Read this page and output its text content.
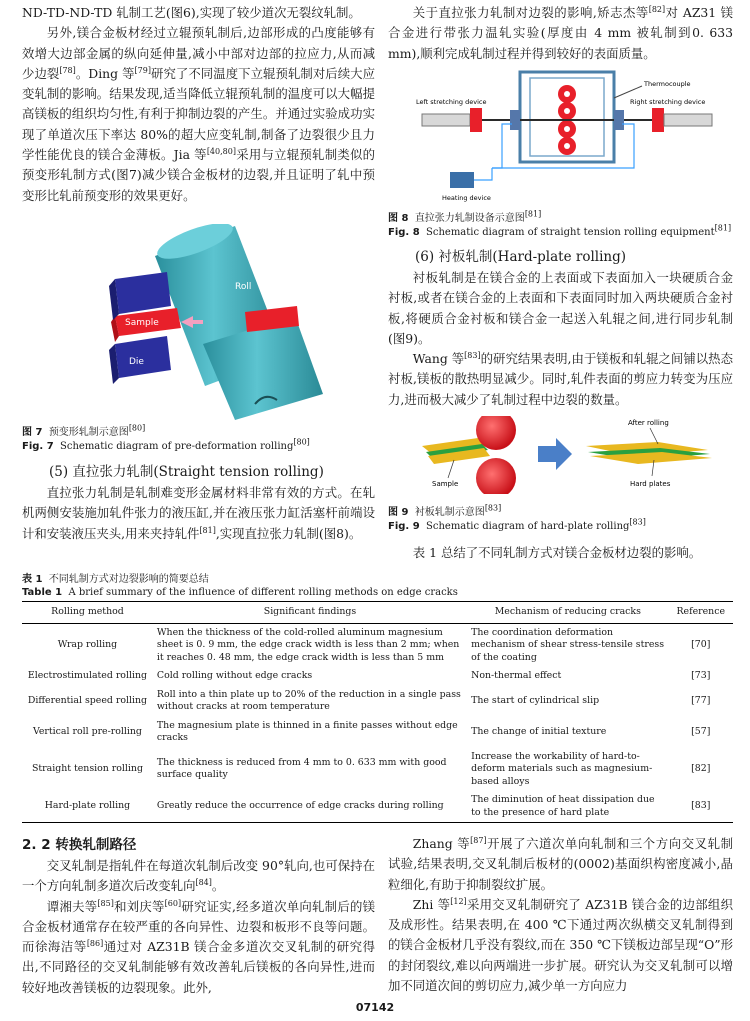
ND-TD-ND-TD 轧制工艺(图6),实现了较少道次无裂纹轧制。

另外,镁合金板材经过立辊预轧制后,边部形成的凸度能够有效增大边部金属的纵向延伸量,减小中部对边部的拉应力,从而减少边裂[78]。Ding 等[79]研究了不同温度下立辊预轧制对后续大应变轧制的影响。结果发现,适当降低立辊预轧制的温度可以大幅提高镁板的组织均匀性,有利于抑制边裂的产生。并通过实验成功实现了单道次压下率达 80%的超大应变轧制,制备了边裂很少且力学性能优良的镁合金薄板。Jia 等[40,80]采用与立辊预轧制类似的预变形轧制方式(图7)减少镁合金板材的边裂,并且证明了轧中预变形比轧前预变形的效果更好。

Roll
Sample
Die
图 7 预变形轧制示意图[80]
Fig. 7 Schematic diagram of pre-deformation rolling[80]
(5) 直拉张力轧制(Straight tension rolling)

直拉张力轧制是轧制难变形金属材料非常有效的方式。在轧机两侧安装施加轧件张力的液压缸,并在液压张力缸活塞杆前端设计和安装液压夹头,用来夹持轧件[81],实现直拉张力轧制(图8)。

关于直拉张力轧制对边裂的影响,矫志杰等[82]对 AZ31 镁合金进行带张力温轧实验(厚度由 4 mm 被轧制到0. 633 mm),顺利完成轧制过程并得到较好的表面质量。

Thermocouple
Left stretching device	Right stretching device
Heating device
图 8 直拉张力轧制设备示意图[81]
Fig. 8 Schematic diagram of straight tension rolling equipment[81]
(6) 衬板轧制(Hard-plate rolling)

衬板轧制是在镁合金的上表面或下表面加入一块硬质合金衬板,或者在镁合金的上表面和下表面同时加入两块硬质合金衬板,将硬质合金衬板和镁合金一起送入轧辊之间,进行同步轧制(图9)。

Wang 等[83]的研究结果表明,由于镁板和轧辊之间铺以热态衬板,镁板的散热明显减少。同时,轧件表面的剪应力转变为压应力,进而极大减少了轧制过程中边裂的数量。

After rolling
Sample	Hard plates
图 9 衬板轧制示意图[83]
Fig. 9 Schematic diagram of hard-plate rolling[83]

表 1 总结了不同轧制方式对镁合金板材边裂的影响。

表 1 不同轧制方式对边裂影响的简要总结
Table 1 A brief summary of the influence of different rolling methods on edge cracks
Rolling method	Significant findings	Mechanism of reducing cracks	Reference
Wrap rolling	When the thickness of the cold-rolled aluminum magnesium sheet is 0. 9 mm, the edge crack width is less than 2 mm; when it reaches 0. 48 mm, the edge crack width is less than 5 mm	The coordination deformation mechanism of shear stress-tensile stress of the coating	[70]
Electrostimulated rolling	Cold rolling without edge cracks	Non-thermal effect	[73]
Differential speed rolling	Roll into a thin plate up to 20% of the reduction in a single pass without cracks at room temperature	The start of cylindrical slip	[77]
Vertical roll pre-rolling	The magnesium plate is thinned in a finite passes without edge cracks	The change of initial texture	[57]
Straight tension rolling	The thickness is reduced from 4 mm to 0. 633 mm with good surface quality	Increase the workability of hard-to-deform materials such as magnesium-based alloys	[82]
Hard-plate rolling	Greatly reduce the occurrence of edge cracks during rolling	The diminution of heat dissipation due to the presence of hard plate	[83]
2. 2 转换轧制路径

交叉轧制是指轧件在每道次轧制后改变 90°轧向,也可保持在一个方向轧制多道次后改变轧向[84]。

谭湘夫等[85]和刘庆等[60]研究证实,经多道次单向轧制后的镁合金板材通常存在较严重的各向异性、边裂和板形不良等问题。而徐海洁等[86]通过对 AZ31B 镁合金多道次交叉轧制的研究得出,不同路径的交叉轧制能够有效改善轧后镁板的各向异性,进而较好地改善镁板的边裂现象。此外,

Zhang 等[87]开展了六道次单向轧制和三个方向交叉轧制试验,结果表明,交叉轧制后板材的(0002)基面织构密度减小,晶粒细化,有助于抑制裂纹扩展。

Zhi 等[12]采用交叉轧制研究了 AZ31B 镁合金的边部组织及成形性。结果表明,在 400 ℃下通过两次纵横交叉轧制得到的镁合金板材几乎没有裂纹,而在 350 ℃下镁板边部呈现“O”形的封闭裂纹,难以向两端进一步扩展。研究认为交叉轧制可以增加不同道次间的剪切应力,减少单一方向应力

07142
